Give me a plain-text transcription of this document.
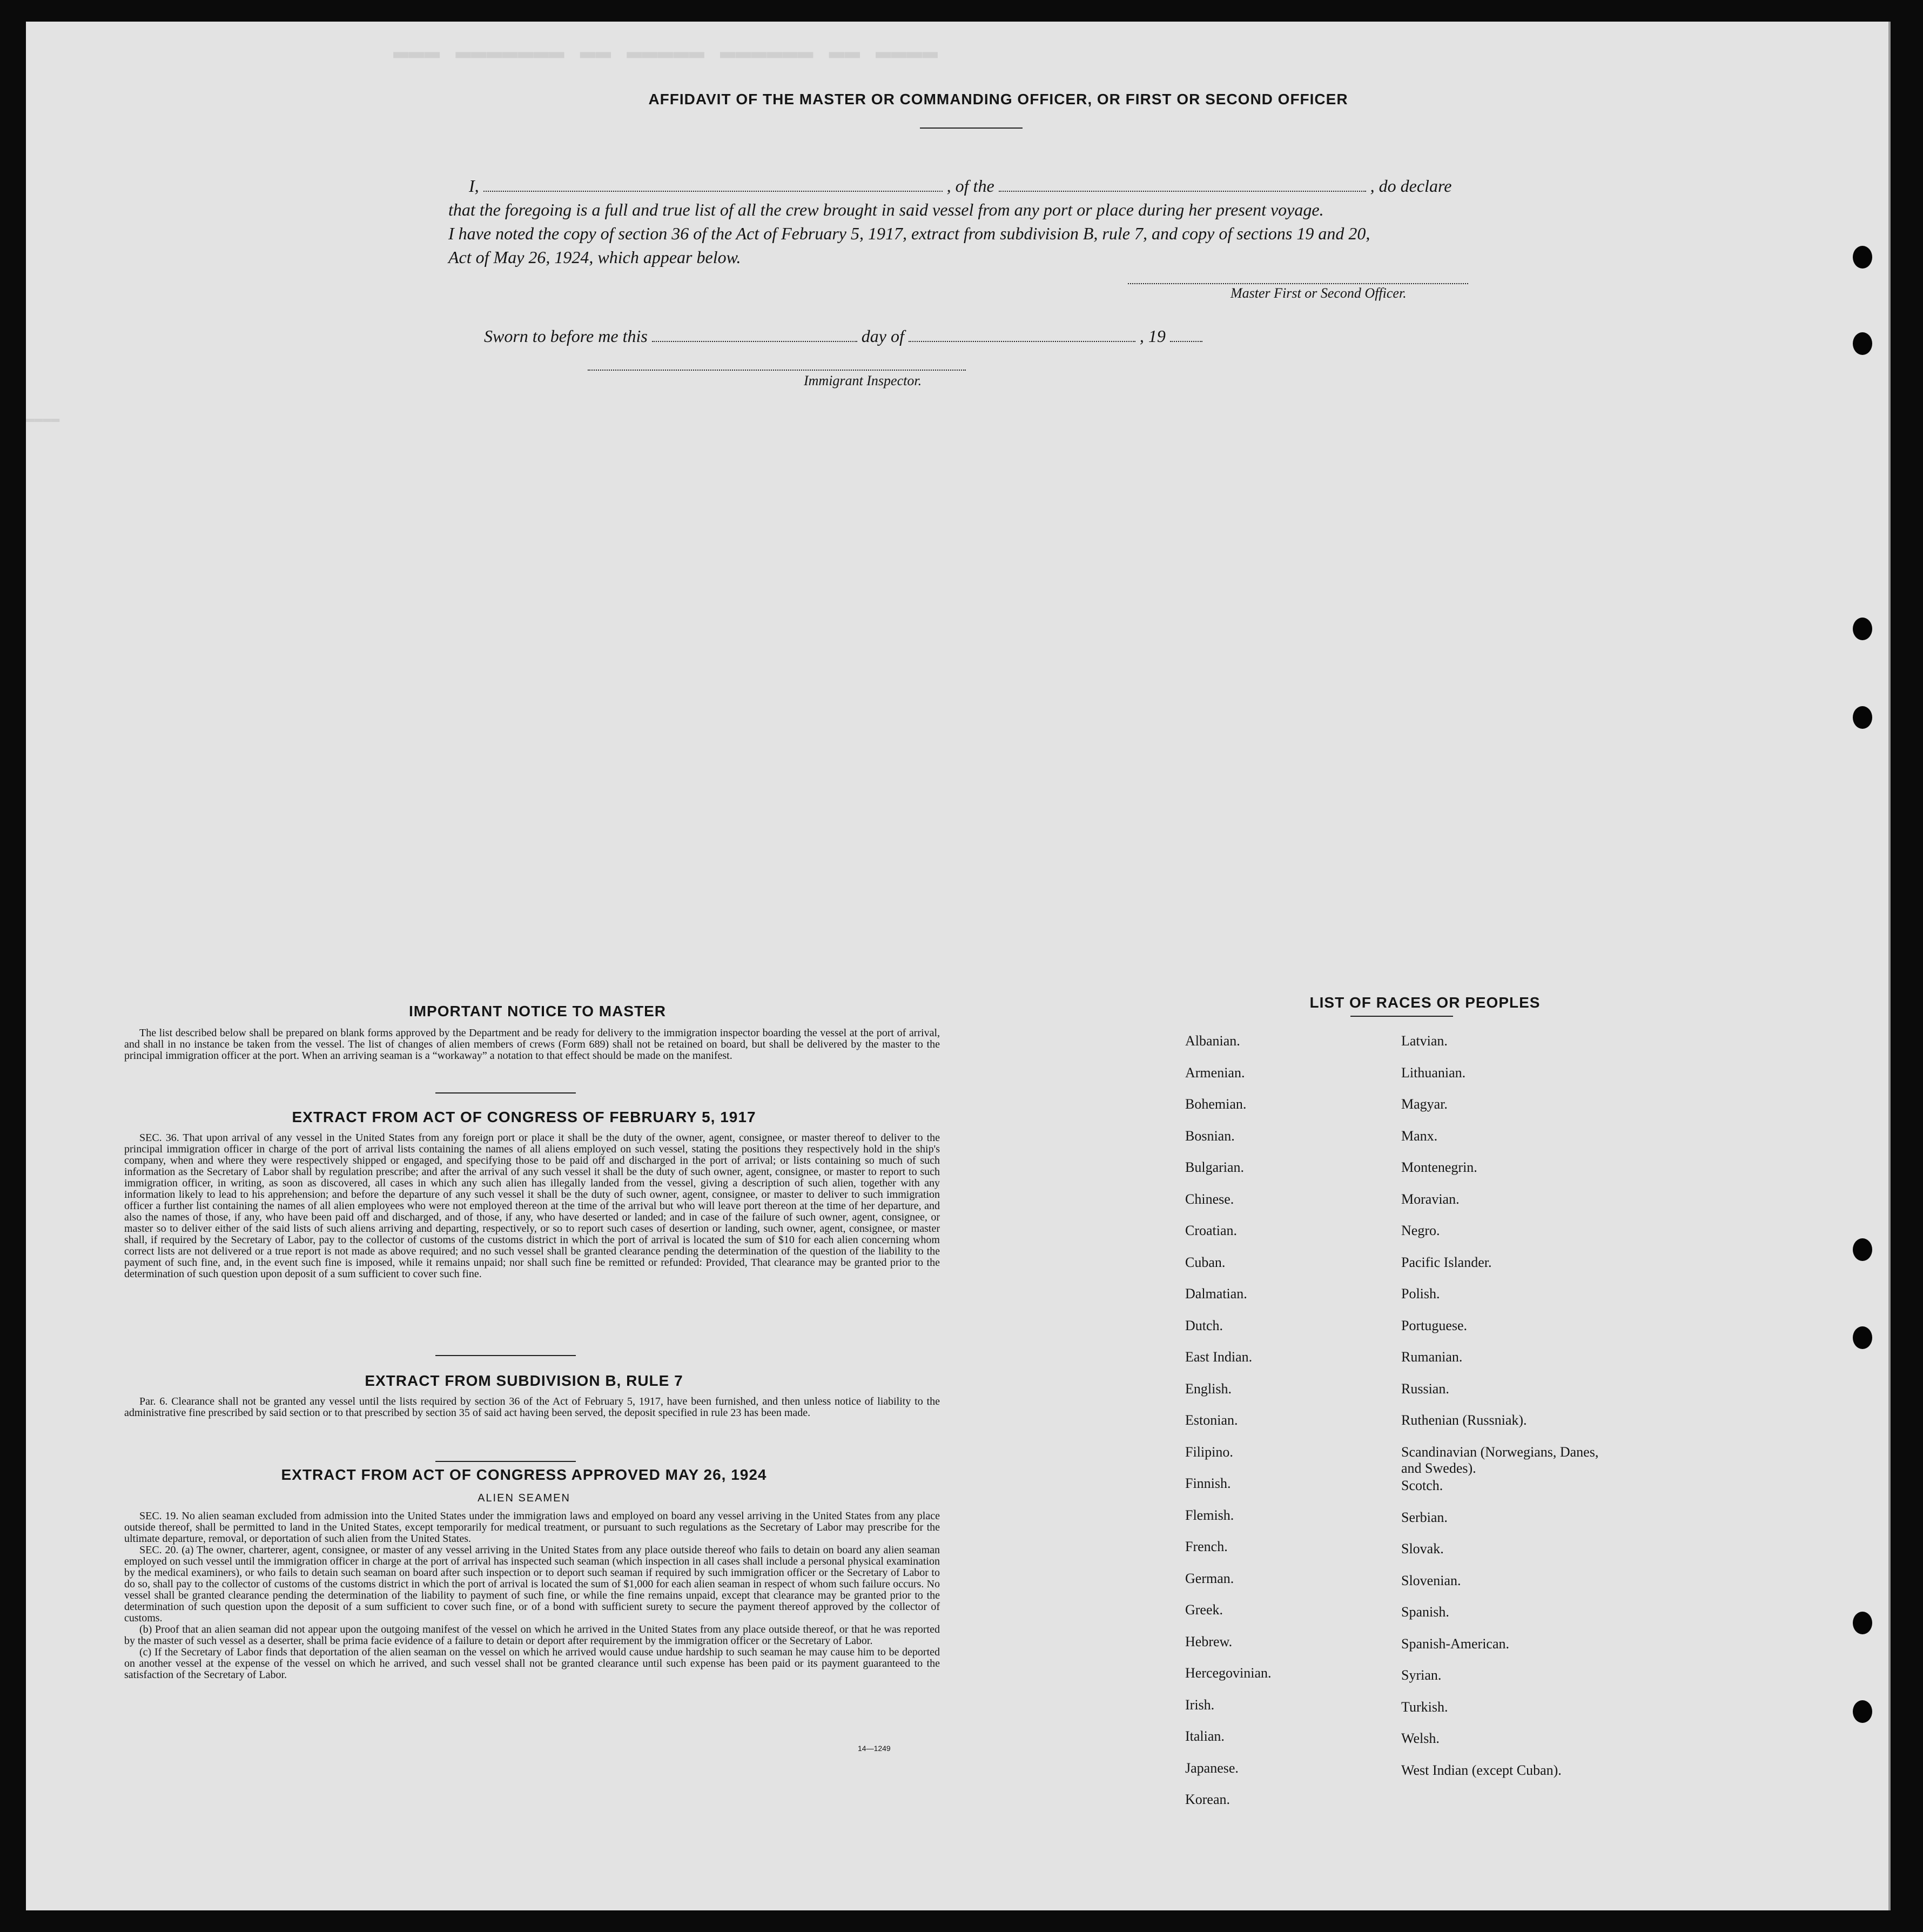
▬▬▬ ▬▬▬▬▬▬▬ ▬▬ ▬▬▬▬▬ ▬▬▬▬▬▬ ▬▬ ▬▬▬▬
▬▬▬▬
AFFIDAVIT OF THE MASTER OR COMMANDING OFFICER, OR FIRST OR SECOND OFFICER
I,	, of the	, do declare
that the foregoing is a full and true list of all the crew brought in said vessel from any port or place during her present voyage.
I have noted the copy of section 36 of the Act of February 5, 1917, extract from subdivision B, rule 7, and copy of sections 19 and 20,
Act of May 26, 1924, which appear below.
Master First or Second Officer.
Sworn to before me this	day of	, 19
Immigrant Inspector.
IMPORTANT NOTICE TO MASTER

The list described below shall be prepared on blank forms approved by the Department and be ready for delivery to the immigration inspector boarding the vessel at the port of arrival, and shall in no instance be taken from the vessel. The list of changes of alien members of crews (Form 689) shall not be retained on board, but shall be delivered by the master to the principal immigration officer at the port. When an arriving seaman is a “workaway” a notation to that effect should be made on the manifest.

EXTRACT FROM ACT OF CONGRESS OF FEBRUARY 5, 1917

SEC. 36. That upon arrival of any vessel in the United States from any foreign port or place it shall be the duty of the owner, agent, consignee, or master thereof to deliver to the principal immigration officer in charge of the port of arrival lists containing the names of all aliens employed on such vessel, stating the positions they respectively hold in the ship's company, when and where they were respectively shipped or engaged, and specifying those to be paid off and discharged in the port of arrival; or lists containing so much of such information as the Secretary of Labor shall by regulation prescribe; and after the arrival of any such vessel it shall be the duty of such owner, agent, consignee, or master to report to such immigration officer, in writing, as soon as discovered, all cases in which any such alien has illegally landed from the vessel, giving a description of such alien, together with any information likely to lead to his apprehension; and before the departure of any such vessel it shall be the duty of such owner, agent, consignee, or master to deliver to such immigration officer a further list containing the names of all alien employees who were not employed thereon at the time of the arrival but who will leave port thereon at the time of her departure, and also the names of those, if any, who have been paid off and discharged, and of those, if any, who have deserted or landed; and in case of the failure of such owner, agent, consignee, or master so to deliver either of the said lists of such aliens arriving and departing, respectively, or so to report such cases of desertion or landing, such owner, agent, consignee, or master shall, if required by the Secretary of Labor, pay to the collector of customs of the customs district in which the port of arrival is located the sum of $10 for each alien concerning whom correct lists are not delivered or a true report is not made as above required; and no such vessel shall be granted clearance pending the determination of the question of the liability to the payment of such fine, and, in the event such fine is imposed, while it remains unpaid; nor shall such fine be remitted or refunded: Provided, That clearance may be granted prior to the determination of such question upon deposit of a sum sufficient to cover such fine.

EXTRACT FROM SUBDIVISION B, RULE 7

Par. 6. Clearance shall not be granted any vessel until the lists required by section 36 of the Act of February 5, 1917, have been furnished, and then unless notice of liability to the administrative fine prescribed by said section or to that prescribed by section 35 of said act having been served, the deposit specified in rule 23 has been made.

EXTRACT FROM ACT OF CONGRESS APPROVED MAY 26, 1924
ALIEN SEAMEN

SEC. 19. No alien seaman excluded from admission into the United States under the immigration laws and employed on board any vessel arriving in the United States from any place outside thereof, shall be permitted to land in the United States, except temporarily for medical treatment, or pursuant to such regulations as the Secretary of Labor may prescribe for the ultimate departure, removal, or deportation of such alien from the United States.

SEC. 20. (a) The owner, charterer, agent, consignee, or master of any vessel arriving in the United States from any place outside thereof who fails to detain on board any alien seaman employed on such vessel until the immigration officer in charge at the port of arrival has inspected such seaman (which inspection in all cases shall include a personal physical examination by the medical examiners), or who fails to detain such seaman on board after such inspection or to deport such seaman if required by such immigration officer or the Secretary of Labor to do so, shall pay to the collector of customs of the customs district in which the port of arrival is located the sum of $1,000 for each alien seaman in respect of whom such failure occurs. No vessel shall be granted clearance pending the determination of the liability to payment of such fine, or while the fine remains unpaid, except that clearance may be granted prior to the determination of such question upon the deposit of a sum sufficient to cover such fine, or of a bond with sufficient surety to secure the payment thereof approved by the collector of customs.

(b) Proof that an alien seaman did not appear upon the outgoing manifest of the vessel on which he arrived in the United States from any place outside thereof, or that he was reported by the master of such vessel as a deserter, shall be prima facie evidence of a failure to detain or deport after requirement by the immigration officer or the Secretary of Labor.

(c) If the Secretary of Labor finds that deportation of the alien seaman on the vessel on which he arrived would cause undue hardship to such seaman he may cause him to be deported on another vessel at the expense of the vessel on which he arrived, and such vessel shall not be granted clearance until such expense has been paid or its payment guaranteed to the satisfaction of the Secretary of Labor.

14—1249
LIST OF RACES OR PEOPLES
Albanian.
Armenian.
Bohemian.
Bosnian.
Bulgarian.
Chinese.
Croatian.
Cuban.
Dalmatian.
Dutch.
East Indian.
English.
Estonian.
Filipino.
Finnish.
Flemish.
French.
German.
Greek.
Hebrew.
Hercegovinian.
Irish.
Italian.
Japanese.
Korean.
Latvian.
Lithuanian.
Magyar.
Manx.
Montenegrin.
Moravian.
Negro.
Pacific Islander.
Polish.
Portuguese.
Rumanian.
Russian.
Ruthenian (Russniak).
Scandinavian (Norwegians, Danes, and Swedes).
Scotch.
Serbian.
Slovak.
Slovenian.
Spanish.
Spanish-American.
Syrian.
Turkish.
Welsh.
West Indian (except Cuban).
